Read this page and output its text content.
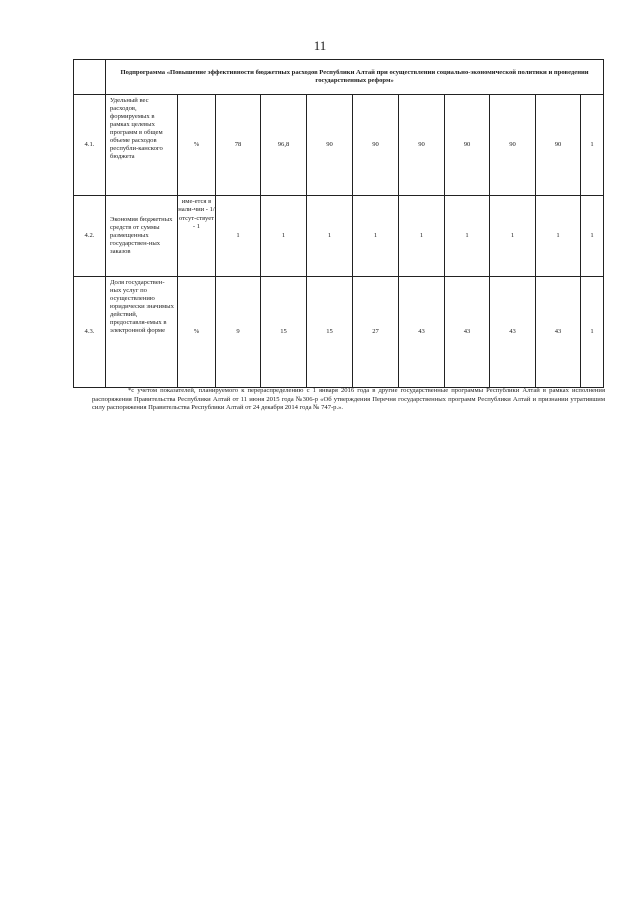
11
	Подпрограмма «Повышение эффективности бюджетных расходов Республики Алтай при осуществлении социально-экономической политики и проведении государственных реформ»										
4.1.	Удельный вес расходов, формируемых в рамках целевых программ в общем объеме расходов республи-канского бюджета	%	78	96,8	90	90	90	90	90	90	1
4.2.	Экономия бюджетных средств от суммы размещенных государствен-ных заказов	име-ется в нали-чии - 1/ отсут-ствует - 1	1	1	1	1	1	1	1	1	1
4.3.	Доля государствен-ных услуг по осуществлению юридически значимых действий, предоставля-емых в электронной форме	%	9	15	15	27	43	43	43	43	1
*с учетом показателей, планируемого к перераспределению с 1 января 2016 года в другие государственные программы Республики Алтай в рамках исполнения распоряжения Правительства Республики Алтай от 11 июня 2015 года №306-р «Об утверждения Перечня государственных программ Республики Алтай и признании утратившим силу распоряжения Правительства Республики Алтай от 24 декабря 2014 года № 747-р.».
